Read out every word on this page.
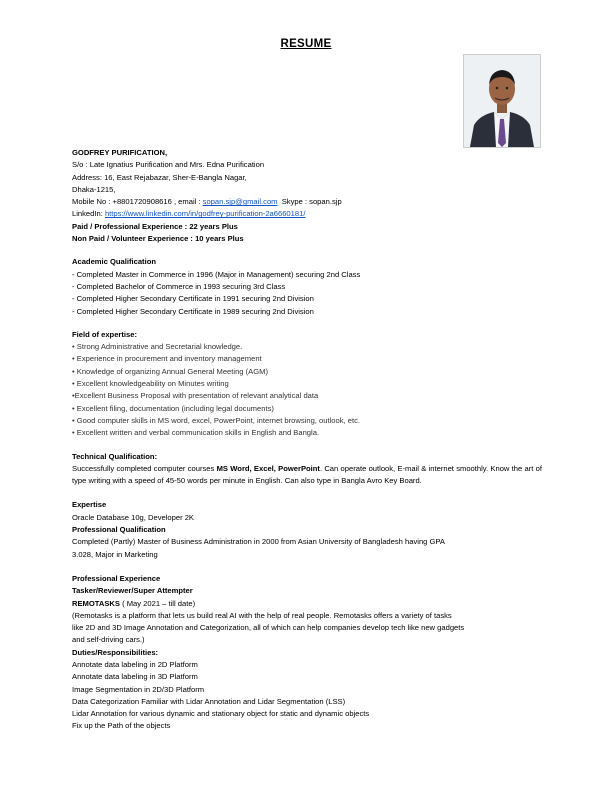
RESUME
GODFREY PURIFICATION,
S/o : Late Ignatius Purification and Mrs. Edna Purification
Address: 16, East Rejabazar, Sher-E-Bangla Nagar,
Dhaka-1215,
Mobile No : +8801720908616 , email : sopan.sjp@gmail.com  Skype : sopan.sjp
LinkedIn: https://www.linkedin.com/in/godfrey-purification-2a6660181/
Paid / Professional Experience : 22 years Plus
Non Paid / Volunteer Experience : 10 years Plus
Academic Qualification
- Completed Master in Commerce in 1996 (Major in Management) securing 2nd Class
- Completed Bachelor of Commerce in 1993 securing 3rd Class
- Completed Higher Secondary Certificate in 1991 securing 2nd Division
- Completed Higher Secondary Certificate in 1989 securing 2nd Division
Field of expertise:
• Strong Administrative and Secretarial knowledge.
• Experience in procurement and inventory management
• Knowledge of organizing Annual General Meeting (AGM)
• Excellent knowledgeability on Minutes writing
•Excellent Business Proposal with presentation of relevant analytical data
• Excellent filing, documentation (including legal documents)
• Good computer skills in MS word, excel, PowerPoint, internet browsing, outlook, etc.
• Excellent written and verbal communication skills in English and Bangla.
Technical Qualification:
Successfully completed computer courses MS Word, Excel, PowerPoint. Can operate outlook, E-mail & internet smoothly. Know the art of type writing with a speed of 45-50 words per minute in English. Can also type in Bangla Avro Key Board.
Expertise
Oracle Database 10g, Developer 2K
Professional Qualification
Completed (Partly) Master of Business Administration in 2000 from Asian University of Bangladesh having GPA
3.028, Major in Marketing
Professional Experience
Tasker/Reviewer/Super Attempter
REMOTASKS ( May 2021 – till date)
(Remotasks is a platform that lets us build real AI with the help of real people. Remotasks offers a variety of tasks
like 2D and 3D Image Annotation and Categorization, all of which can help companies develop tech like new gadgets
and self-driving cars.)
Duties/Responsibilities:
Annotate data labeling in 2D Platform
Annotate data labeling in 3D Platform
Image Segmentation in 2D/3D Platform
Data Categorization Familiar with Lidar Annotation and Lidar Segmentation (LSS)
Lidar Annotation for various dynamic and stationary object for static and dynamic objects
Fix up the Path of the objects
